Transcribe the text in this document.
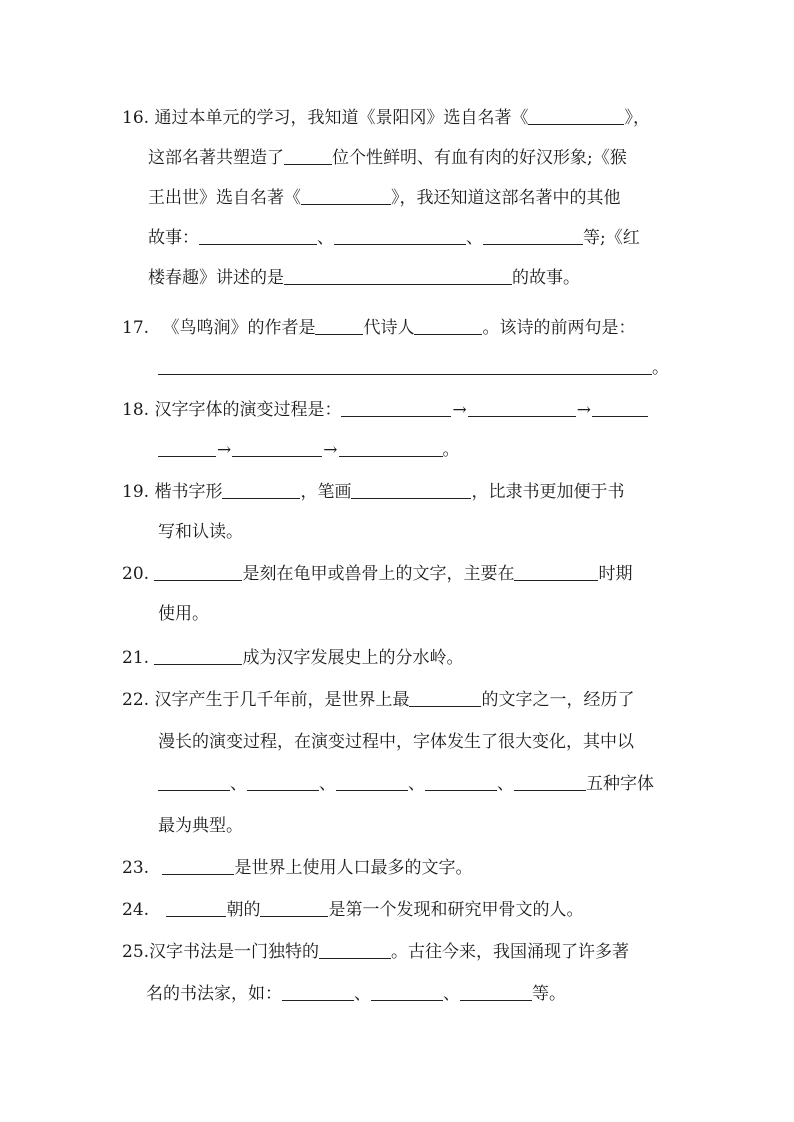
16. 通过本单元的学习，我知道《景阳冈》选自名著《	》，
这部名著共塑造了	位个性鲜明、有血有肉的好汉形象;《猴
王出世》选自名著《	》，我还知道这部名著中的其他
故事：	、	、	等;《红
楼春趣》讲述的是	的故事。
17. 《鸟鸣涧》的作者是	代诗人	。该诗的前两句是：
。
18. 汉字字体的演变过程是：	→	→
→	→	。
19. 楷书字形	，笔画	，比隶书更加便于书
写和认读。
20.	是刻在龟甲或兽骨上的文字，主要在	时期
使用。
21.	成为汉字发展史上的分水岭。
22. 汉字产生于几千年前，是世界上最	的文字之一，经历了
漫长的演变过程，在演变过程中，字体发生了很大变化，其中以
、	、	、	、	五种字体
最为典型。
23.	是世界上使用人口最多的文字。
24.	朝的	是第一个发现和研究甲骨文的人。
25.汉字书法是一门独特的	。古往今来，我国涌现了许多著
名的书法家，如：	、	、	等。
